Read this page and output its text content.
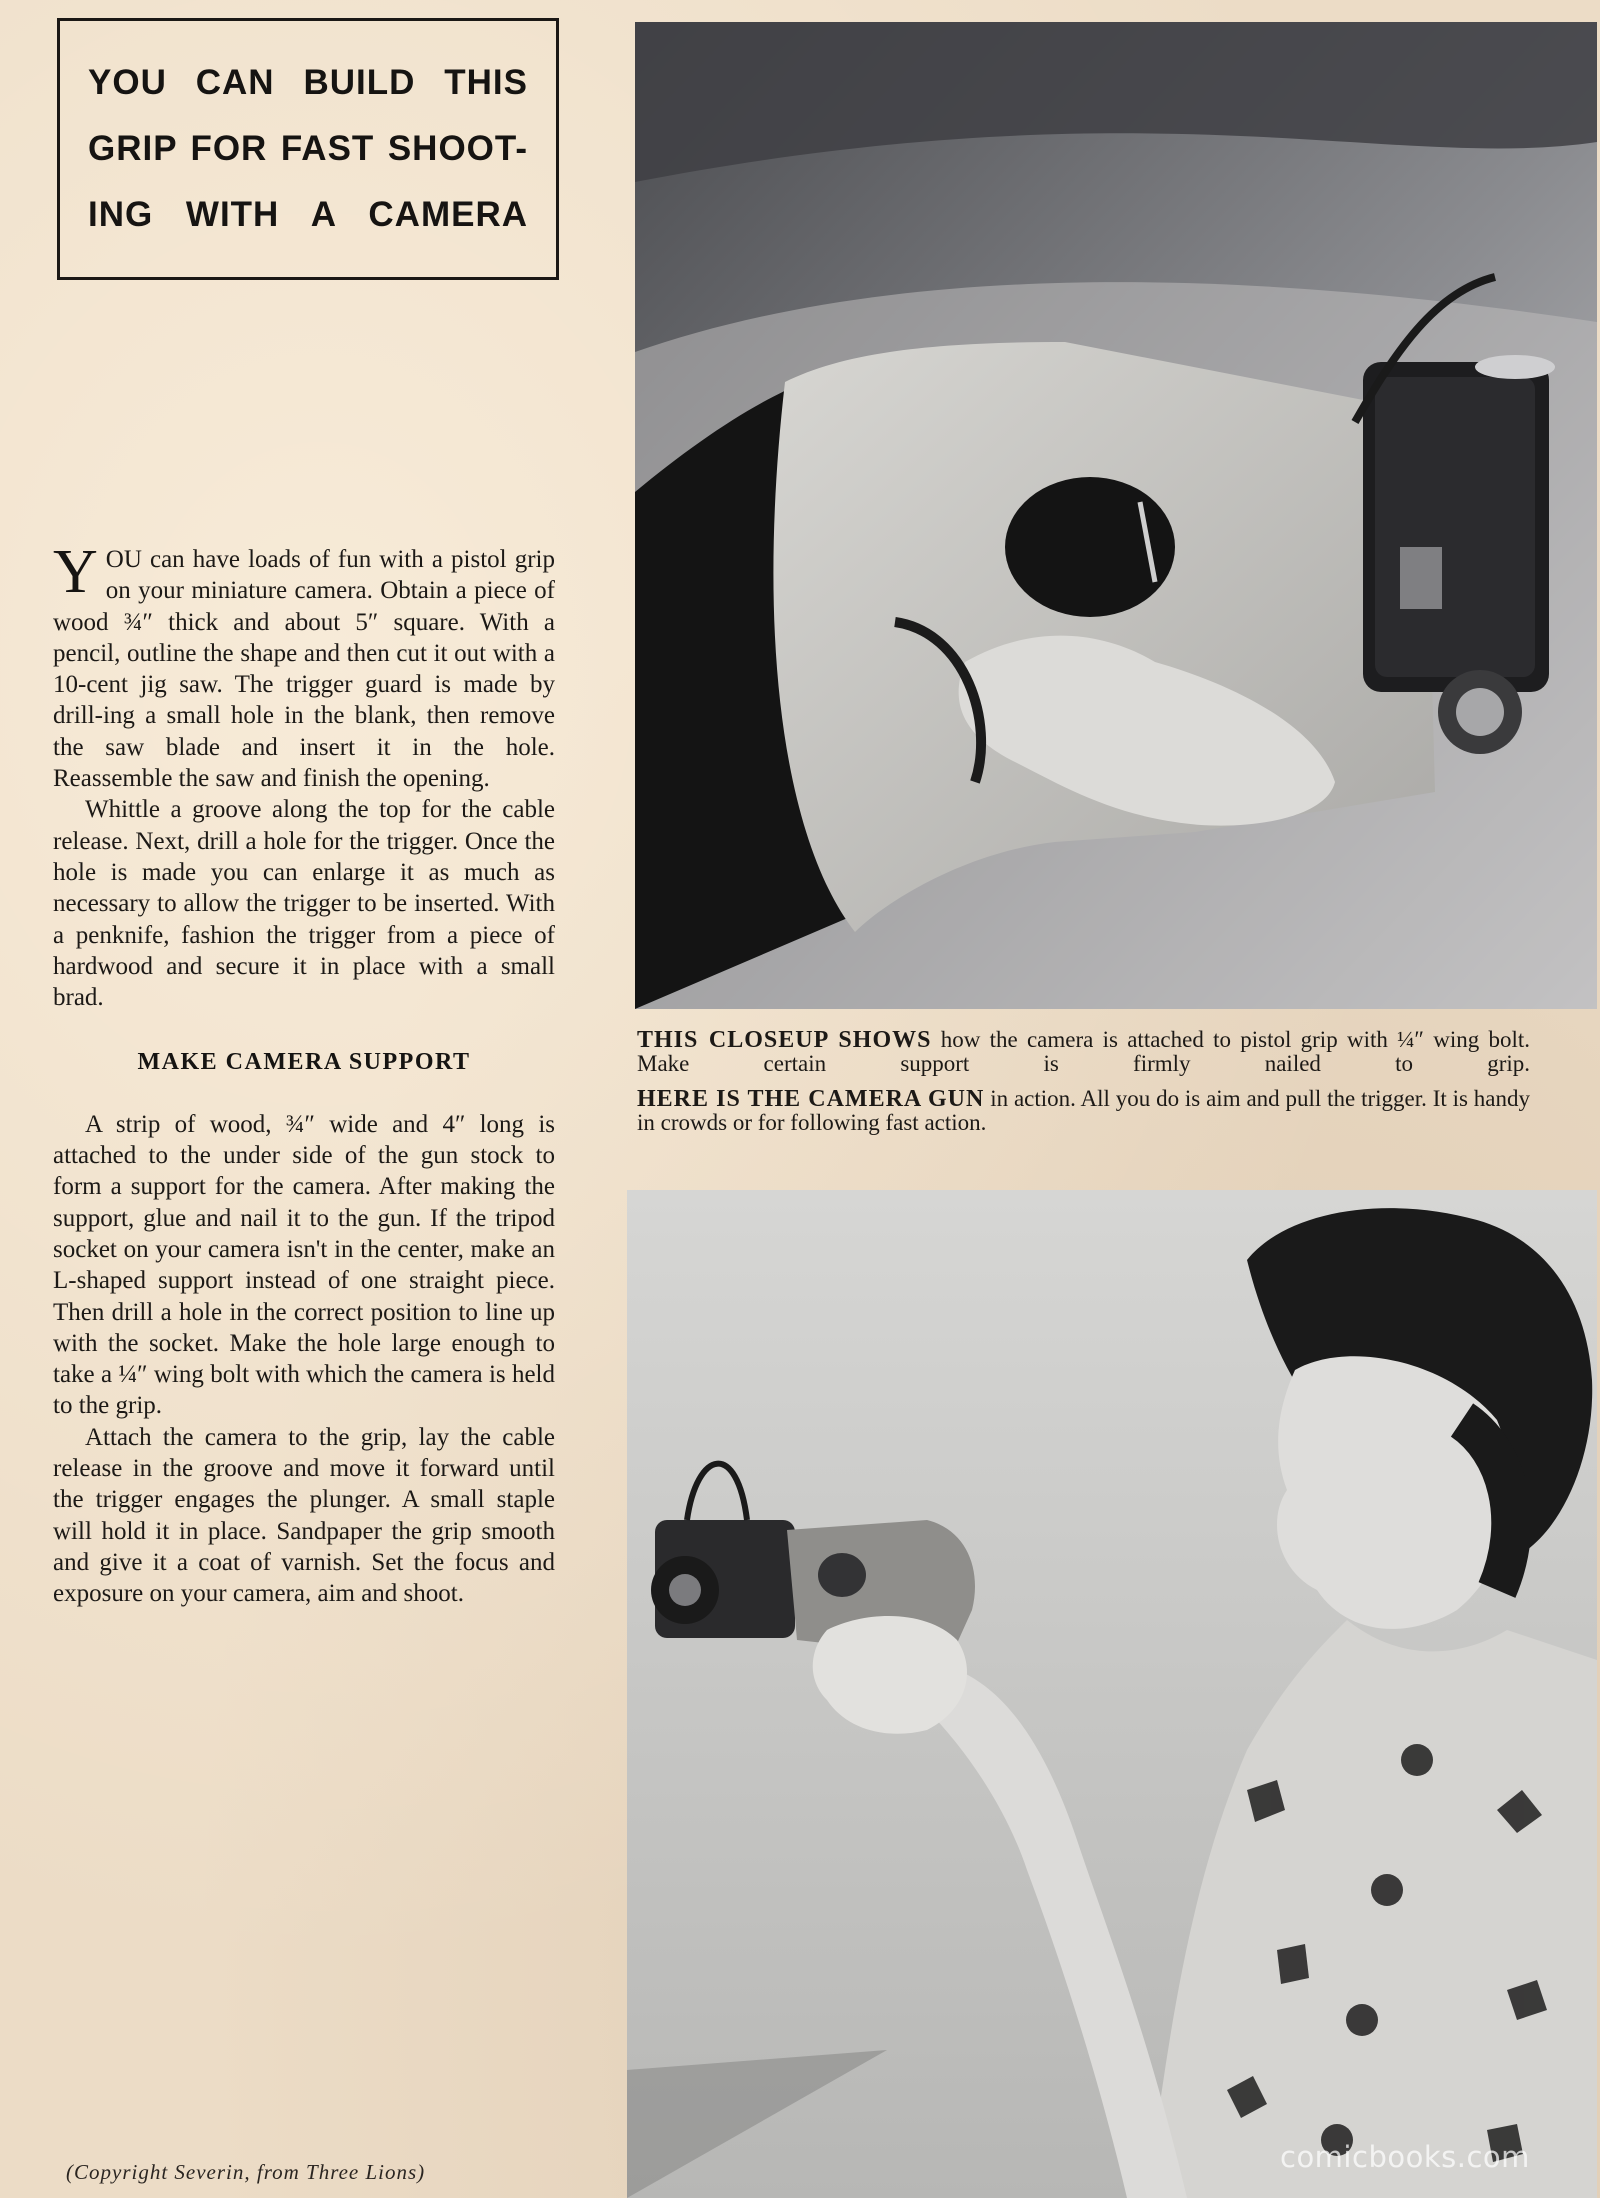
YOU CAN BUILD THIS
GRIP FOR FAST SHOOT-
ING WITH A CAMERA

YOU can have loads of fun with a pistol grip on your miniature camera. Obtain a piece of wood ¾″ thick and about 5″ square. With a pencil, outline the shape and then cut it out with a 10-cent jig saw. The trigger guard is made by drill-ing a small hole in the blank, then remove the saw blade and insert it in the hole. Reassemble the saw and finish the opening.

Whittle a groove along the top for the cable release. Next, drill a hole for the trigger. Once the hole is made you can enlarge it as much as necessary to allow the trigger to be inserted. With a penknife, fashion the trigger from a piece of hardwood and secure it in place with a small brad.

MAKE CAMERA SUPPORT

A strip of wood, ¾″ wide and 4″ long is attached to the under side of the gun stock to form a support for the camera. After making the support, glue and nail it to the gun. If the tripod socket on your camera isn't in the center, make an L-shaped support instead of one straight piece. Then drill a hole in the correct position to line up with the socket. Make the hole large enough to take a ¼″ wing bolt with which the camera is held to the grip.

Attach the camera to the grip, lay the cable release in the groove and move it forward until the trigger engages the plunger. A small staple will hold it in place. Sandpaper the grip smooth and give it a coat of varnish. Set the focus and exposure on your camera, aim and shoot.

THIS CLOSEUP SHOWS how the camera is attached to pistol grip with ¼″ wing bolt. Make certain support is firmly nailed to grip.

HERE IS THE CAMERA GUN in action. All you do is aim and pull the trigger. It is handy in crowds or for following fast action.

(Copyright Severin, from Three Lions)	comicbooks.com
